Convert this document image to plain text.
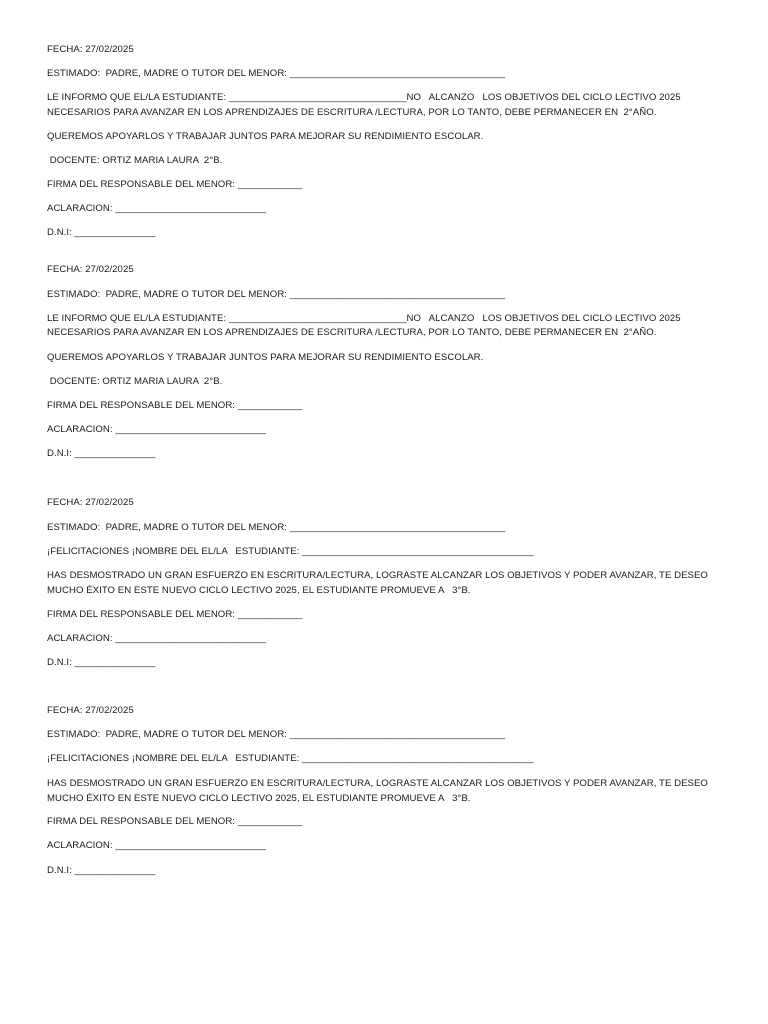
FECHA: 27/02/2025
ESTIMADO:  PADRE, MADRE O TUTOR DEL MENOR: ________________________________________
LE INFORMO QUE EL/LA ESTUDIANTE: _________________________________NO   ALCANZO   LOS OBJETIVOS DEL CICLO LECTIVO 2025
NECESARIOS PARA AVANZAR EN LOS APRENDIZAJES DE ESCRITURA /LECTURA, POR LO TANTO, DEBE PERMANECER EN  2°AÑO.
QUEREMOS APOYARLOS Y TRABAJAR JUNTOS PARA MEJORAR SU RENDIMIENTO ESCOLAR.
DOCENTE: ORTIZ MARIA LAURA  2°B.
FIRMA DEL RESPONSABLE DEL MENOR: ____________
ACLARACION: ____________________________
D.N.I: _______________
FECHA: 27/02/2025
ESTIMADO:  PADRE, MADRE O TUTOR DEL MENOR: ________________________________________
LE INFORMO QUE EL/LA ESTUDIANTE: _________________________________NO   ALCANZO   LOS OBJETIVOS DEL CICLO LECTIVO 2025
NECESARIOS PARA AVANZAR EN LOS APRENDIZAJES DE ESCRITURA /LECTURA, POR LO TANTO, DEBE PERMANECER EN  2°AÑO.
QUEREMOS APOYARLOS Y TRABAJAR JUNTOS PARA MEJORAR SU RENDIMIENTO ESCOLAR.
DOCENTE: ORTIZ MARIA LAURA  2°B.
FIRMA DEL RESPONSABLE DEL MENOR: ____________
ACLARACION: ____________________________
D.N.I: _______________
FECHA: 27/02/2025
ESTIMADO:  PADRE, MADRE O TUTOR DEL MENOR: ________________________________________
¡FELICITACIONES ¡NOMBRE DEL EL/LA   ESTUDIANTE: ___________________________________________
HAS DESMOSTRADO UN GRAN ESFUERZO EN ESCRITURA/LECTURA, LOGRASTE ALCANZAR LOS OBJETIVOS Y PODER AVANZAR, TE DESEO
MUCHO ÉXITO EN ESTE NUEVO CICLO LECTIVO 2025, EL ESTUDIANTE PROMUEVE A   3°B.
FIRMA DEL RESPONSABLE DEL MENOR: ____________
ACLARACION: ____________________________
D.N.I: _______________
FECHA: 27/02/2025
ESTIMADO:  PADRE, MADRE O TUTOR DEL MENOR: ________________________________________
¡FELICITACIONES ¡NOMBRE DEL EL/LA   ESTUDIANTE: ___________________________________________
HAS DESMOSTRADO UN GRAN ESFUERZO EN ESCRITURA/LECTURA, LOGRASTE ALCANZAR LOS OBJETIVOS Y PODER AVANZAR, TE DESEO
MUCHO ÉXITO EN ESTE NUEVO CICLO LECTIVO 2025, EL ESTUDIANTE PROMUEVE A   3°B.
FIRMA DEL RESPONSABLE DEL MENOR: ____________
ACLARACION: ____________________________
D.N.I: _______________
